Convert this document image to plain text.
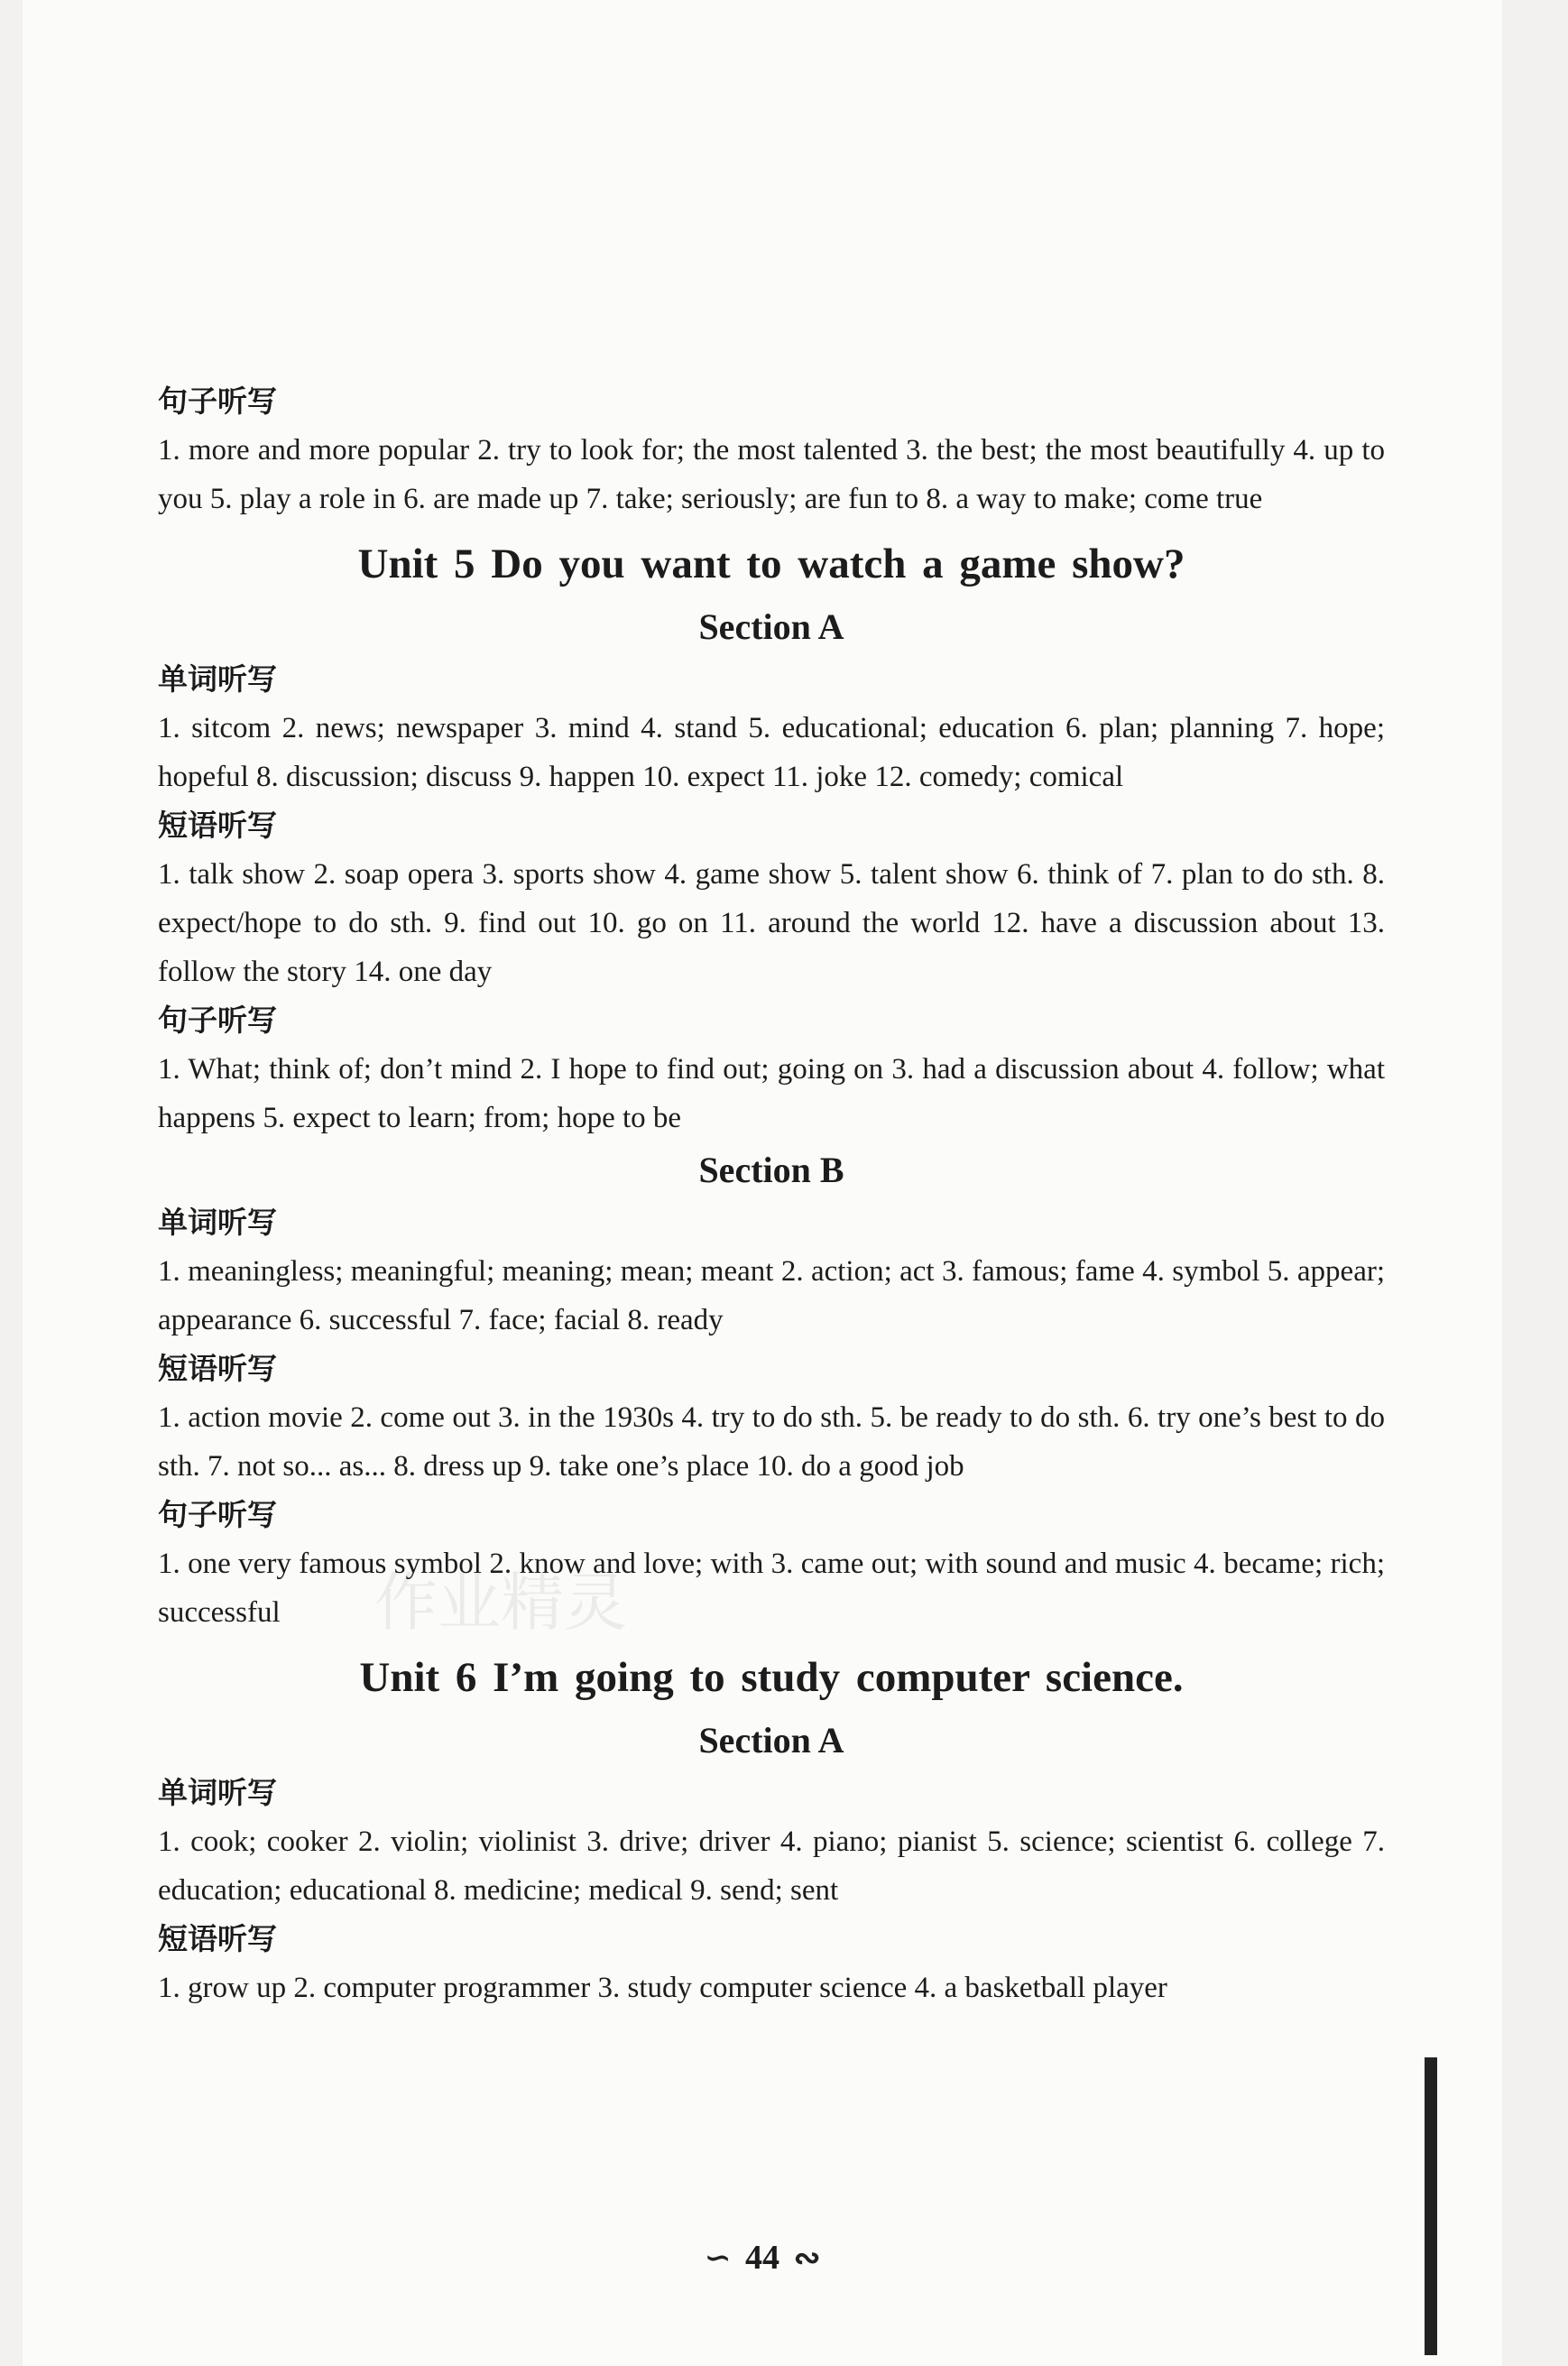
句子听写

1. more and more popular 2. try to look for; the most talented 3. the best; the most beautifully 4. up to you 5. play a role in 6. are made up 7. take; seriously; are fun to 8. a way to make; come true

Unit 5 Do you want to watch a game show?
Section A
单词听写

1. sitcom 2. news; newspaper 3. mind 4. stand 5. educational; education 6. plan; planning 7. hope; hopeful 8. discussion; discuss 9. happen 10. expect 11. joke 12. comedy; comical

短语听写

1. talk show 2. soap opera 3. sports show 4. game show 5. talent show 6. think of 7. plan to do sth. 8. expect/hope to do sth. 9. find out 10. go on 11. around the world 12. have a discussion about 13. follow the story 14. one day

句子听写

1. What; think of; don’t mind 2. I hope to find out; going on 3. had a discussion about 4. follow; what happens 5. expect to learn; from; hope to be

Section B
单词听写

1. meaningless; meaningful; meaning; mean; meant 2. action; act 3. famous; fame 4. symbol 5. appear; appearance 6. successful 7. face; facial 8. ready

短语听写

1. action movie 2. come out 3. in the 1930s 4. try to do sth. 5. be ready to do sth. 6. try one’s best to do sth. 7. not so... as... 8. dress up 9. take one’s place 10. do a good job

句子听写

1. one very famous symbol 2. know and love; with 3. came out; with sound and music 4. became; rich; successful

Unit 6 I’m going to study computer science.
Section A
单词听写

1. cook; cooker 2. violin; violinist 3. drive; driver 4. piano; pianist 5. science; scientist 6. college 7. education; educational 8. medicine; medical 9. send; sent

短语听写

1. grow up 2. computer programmer 3. study computer science 4. a basketball player

作业精灵
∽ 44 ∾
